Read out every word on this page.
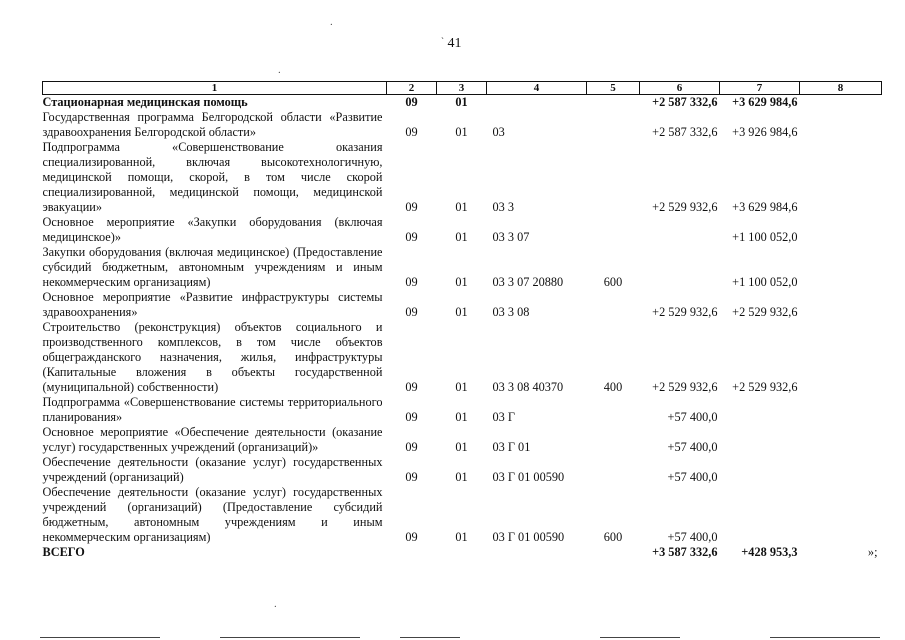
$^ˋ$ 41
.
.
.
1	2	3	4	5	6	7	8
Стационарная медицинская помощь	09	01			+2 587 332,6	+3 629 984,6	
Государственная программа Белгородской области «Развитие здравоохранения Белгородской области»	09	01	03		+2 587 332,6	+3 926 984,6	
Подпрограмма «Совершенствование оказания специализированной, включая высокотехнологичную, медицинской помощи, скорой, в том числе скорой специализированной, медицинской помощи, медицинской эвакуации»	09	01	03 3		+2 529 932,6	+3 629 984,6	
Основное мероприятие «Закупки оборудования (включая медицинское)»	09	01	03 3 07			+1 100 052,0	
Закупки оборудования (включая медицинское) (Предоставление субсидий бюджетным, автономным учреждениям и иным некоммерческим организациям)	09	01	03 3 07 20880	600		+1 100 052,0	
Основное мероприятие «Развитие инфраструктуры системы здравоохранения»	09	01	03 3 08		+2 529 932,6	+2 529 932,6	
Строительство (реконструкция) объектов социального и производственного комплексов, в том числе объектов общегражданского назначения, жилья, инфраструктуры (Капитальные вложения в объекты государственной (муниципальной) собственности)	09	01	03 3 08 40370	400	+2 529 932,6	+2 529 932,6	
Подпрограмма «Совершенствование системы территориального планирования»	09	01	03 Г		+57 400,0		
Основное мероприятие «Обеспечение деятельности (оказание услуг) государственных учреждений (организаций)»	09	01	03 Г 01		+57 400,0		
Обеспечение деятельности (оказание услуг) государственных учреждений (организаций)	09	01	03 Г 01 00590		+57 400,0		
Обеспечение деятельности (оказание услуг) государственных учреждений (организаций) (Предоставление субсидий бюджетным, автономным учреждениям и иным некоммерческим организациям)	09	01	03 Г 01 00590	600	+57 400,0		
ВСЕГО					+3 587 332,6	+428 953,3	»;
